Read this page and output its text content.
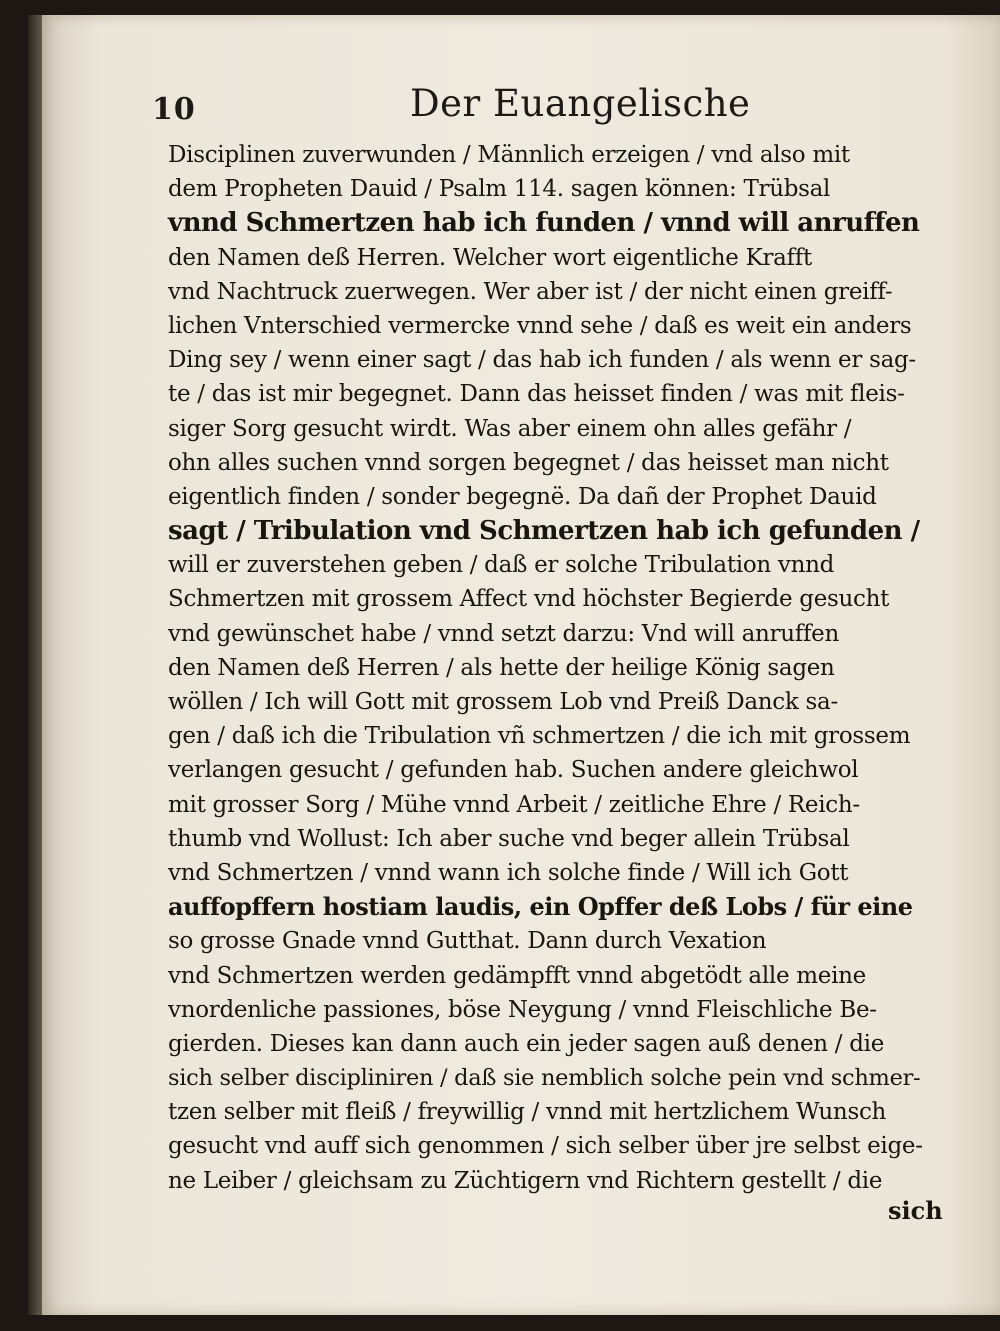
10	Der Euangelische
Disciplinen zuverwunden / Männlich erzeigen / vnd also mit
dem Propheten Dauid / Psalm 114. sagen können: Trübsal
vnnd Schmertzen hab ich funden / vnnd will anruffen
den Namen deß Herren. Welcher wort eigentliche Krafft
vnd Nachtruck zuerwegen. Wer aber ist / der nicht einen greiff-
lichen Vnterschied vermercke vnnd sehe / daß es weit ein anders
Ding sey / wenn einer sagt / das hab ich funden / als wenn er sag-
te / das ist mir begegnet. Dann das heisset finden / was mit fleis-
siger Sorg gesucht wirdt. Was aber einem ohn alles gefähr /
ohn alles suchen vnnd sorgen begegnet / das heisset man nicht
eigentlich finden / sonder begegnë. Da dañ der Prophet Dauid
sagt / Tribulation vnd Schmertzen hab ich gefunden /
will er zuverstehen geben / daß er solche Tribulation vnnd
Schmertzen mit grossem Affect vnd höchster Begierde gesucht
vnd gewünschet habe / vnnd setzt darzu: Vnd will anruffen
den Namen deß Herren / als hette der heilige König sagen
wöllen / Ich will Gott mit grossem Lob vnd Preiß Danck sa-
gen / daß ich die Tribulation vñ schmertzen / die ich mit grossem
verlangen gesucht / gefunden hab. Suchen andere gleichwol
mit grosser Sorg / Mühe vnnd Arbeit / zeitliche Ehre / Reich-
thumb vnd Wollust: Ich aber suche vnd beger allein Trübsal
vnd Schmertzen / vnnd wann ich solche finde / Will ich Gott
auffopffern hostiam laudis, ein Opffer deß Lobs / für eine
so grosse Gnade vnnd Gutthat. Dann durch Vexation
vnd Schmertzen werden gedämpfft vnnd abgetödt alle meine
vnordenliche passiones, böse Neygung / vnnd Fleischliche Be-
gierden. Dieses kan dann auch ein jeder sagen auß denen / die
sich selber discipliniren / daß sie nemblich solche pein vnd schmer-
tzen selber mit fleiß / freywillig / vnnd mit hertzlichem Wunsch
gesucht vnd auff sich genommen / sich selber über jre selbst eige-
ne Leiber / gleichsam zu Züchtigern vnd Richtern gestellt / die
sich
